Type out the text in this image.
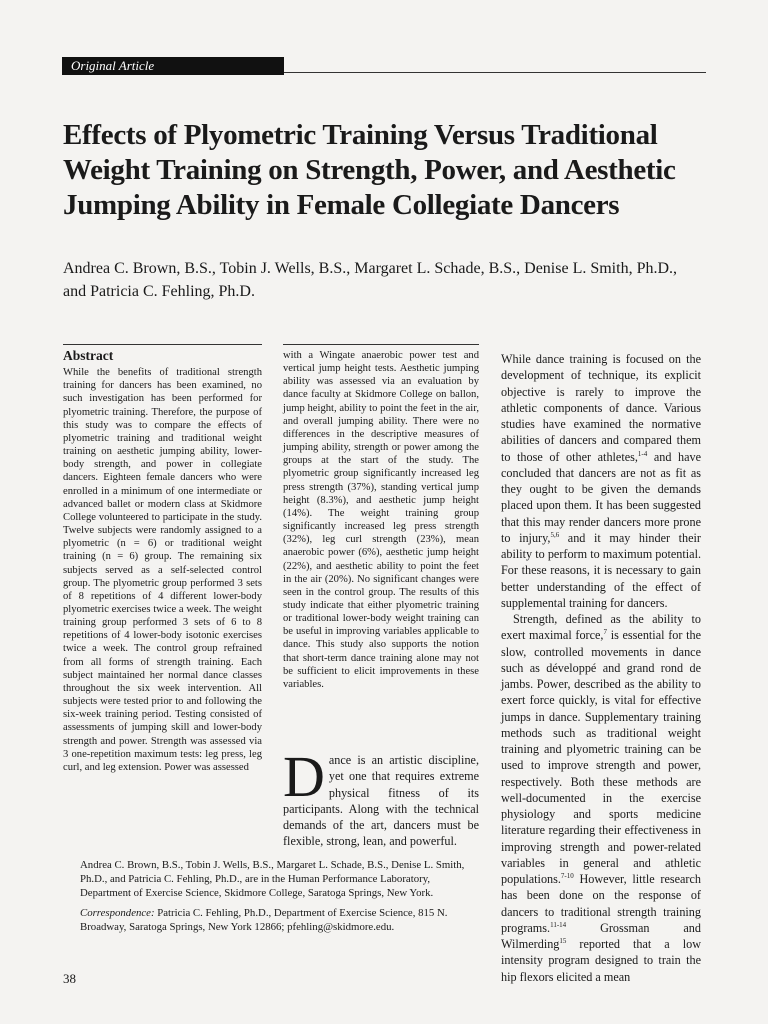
Original Article
Effects of Plyometric Training Versus Traditional Weight Training on Strength, Power, and Aesthetic Jumping Ability in Female Collegiate Dancers
Andrea C. Brown, B.S., Tobin J. Wells, B.S., Margaret L. Schade, B.S., Denise L. Smith, Ph.D., and Patricia C. Fehling, Ph.D.
Abstract
While the benefits of traditional strength training for dancers has been examined, no such investigation has been performed for plyometric training. Therefore, the purpose of this study was to compare the effects of plyometric training and traditional weight training on aesthetic jumping ability, lower-body strength, and power in collegiate dancers. Eighteen female dancers who were enrolled in a minimum of one intermediate or advanced ballet or modern class at Skidmore College volunteered to participate in the study. Twelve subjects were randomly assigned to a plyometric (n = 6) or traditional weight training (n = 6) group. The remaining six subjects served as a self-selected control group. The plyometric group performed 3 sets of 8 repetitions of 4 different lower-body plyometric exercises twice a week. The weight training group performed 3 sets of 6 to 8 repetitions of 4 lower-body isotonic exercises twice a week. The control group refrained from all forms of strength training. Each subject maintained her normal dance classes throughout the six week intervention. All subjects were tested prior to and following the six-week training period. Testing consisted of assessments of jumping skill and lower-body strength and power. Strength was assessed via 3 one-repetition maximum tests: leg press, leg curl, and leg extension. Power was assessed
with a Wingate anaerobic power test and vertical jump height tests. Aesthetic jumping ability was assessed via an evaluation by dance faculty at Skidmore College on ballon, jump height, ability to point the feet in the air, and overall jumping ability. There were no differences in the descriptive measures of jumping ability, strength or power among the groups at the start of the study. The plyometric group significantly increased leg press strength (37%), standing vertical jump height (8.3%), and aesthetic jump height (14%). The weight training group significantly increased leg press strength (32%), leg curl strength (23%), mean anaerobic power (6%), aesthetic jump height (22%), and aesthetic ability to point the feet in the air (20%). No significant changes were seen in the control group. The results of this study indicate that either plyometric training or traditional lower-body weight training can be useful in improving variables applicable to dance. This study also supports the notion that short-term dance training alone may not be sufficient to elicit improvements in these variables.
Dance is an artistic discipline, yet one that requires extreme physical fitness of its participants. Along with the technical demands of the art, dancers must be flexible, strong, lean, and powerful.

While dance training is focused on the development of technique, its explicit objective is rarely to improve the athletic components of dance. Various studies have examined the normative abilities of dancers and compared them to those of other athletes,$^{1-4}$ and have concluded that dancers are not as fit as they ought to be given the demands placed upon them. It has been suggested that this may render dancers more prone to injury,$^{5,6}$ and it may hinder their ability to perform to maximum potential. For these reasons, it is necessary to gain better understanding of the effect of supplemental training for dancers.

Strength, defined as the ability to exert maximal force,$^7$ is essential for the slow, controlled movements in dance such as développé and grand rond de jambs. Power, described as the ability to exert force quickly, is vital for effective jumps in dance. Supplementary training methods such as traditional weight training and plyometric training can be used to improve strength and power, respectively. Both these methods are well-documented in the exercise physiology and sports medicine literature regarding their effectiveness in improving strength and power-related variables in general and athletic populations.$^{7-10}$ However, little research has been done on the response of dancers to traditional strength training programs.$^{11-14}$ Grossman and Wilmerding$^{15}$ reported that a low intensity program designed to train the hip flexors elicited a mean

Andrea C. Brown, B.S., Tobin J. Wells, B.S., Margaret L. Schade, B.S., Denise L. Smith, Ph.D., and Patricia C. Fehling, Ph.D., are in the Human Performance Laboratory, Department of Exercise Science, Skidmore College, Saratoga Springs, New York.

Correspondence: Patricia C. Fehling, Ph.D., Department of Exercise Science, 815 N. Broadway, Saratoga Springs, New York 12866; pfehling@skidmore.edu.

38
